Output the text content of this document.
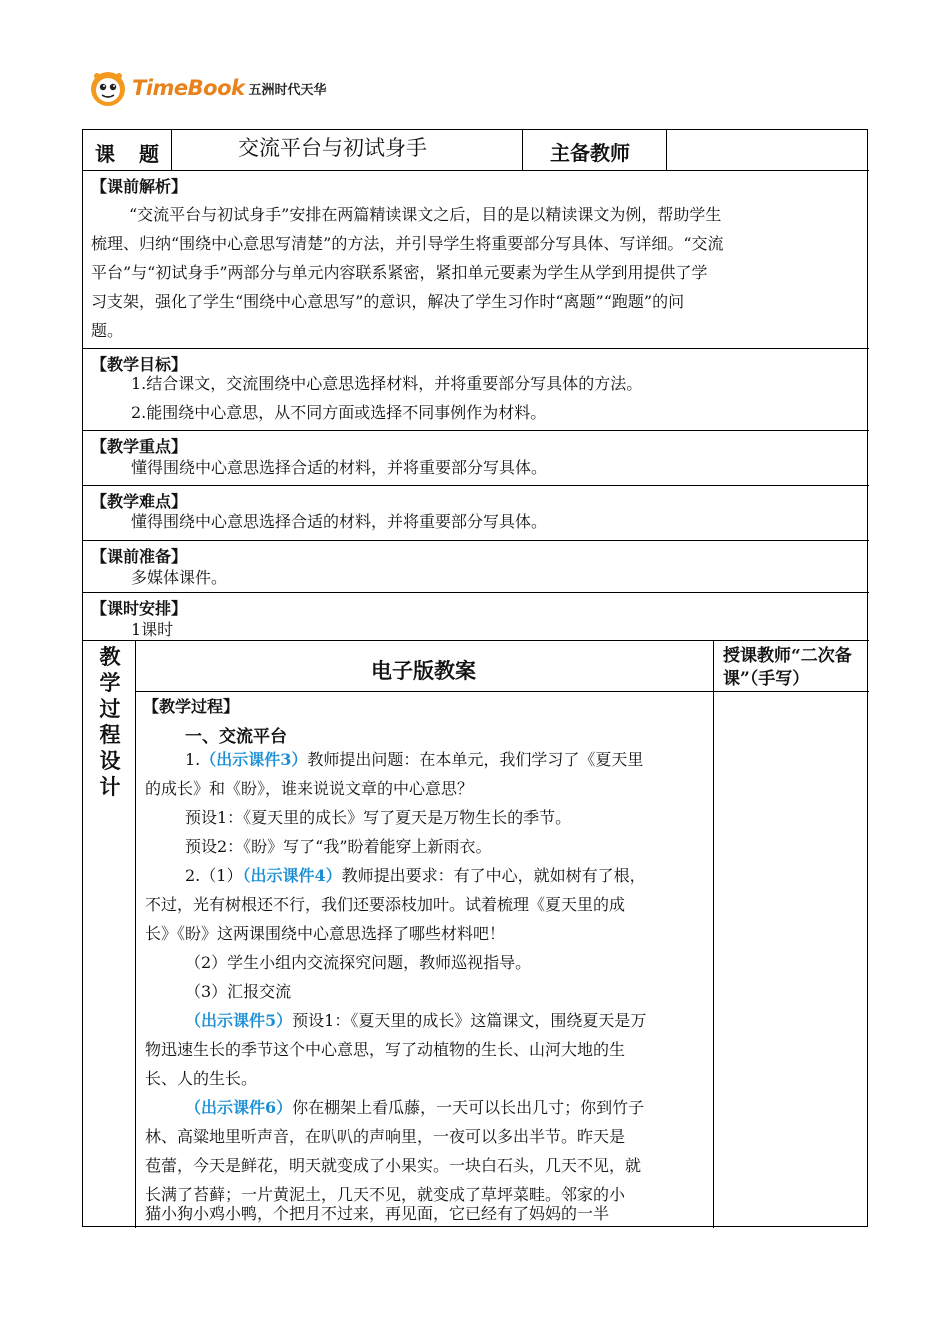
TimeBook 五洲时代天华
课　题	交流平台与初试身手	主备教师
【课前解析】
“交流平台与初试身手”安排在两篇精读课文之后，目的是以精读课文为例，帮助学生
梳理、归纳“围绕中心意思写清楚”的方法，并引导学生将重要部分写具体、写详细。“交流
平台”与“初试身手”两部分与单元内容联系紧密，紧扣单元要素为学生从学到用提供了学
习支架，强化了学生“围绕中心意思写”的意识，解决了学生习作时“离题”“跑题”的问
题。
【教学目标】
1.结合课文，交流围绕中心意思选择材料，并将重要部分写具体的方法。
2.能围绕中心意思，从不同方面或选择不同事例作为材料。
【教学重点】
懂得围绕中心意思选择合适的材料，并将重要部分写具体。
【教学难点】
懂得围绕中心意思选择合适的材料，并将重要部分写具体。
【课前准备】
多媒体课件。
【课时安排】
1课时
教
学
过
程
设
计
电子版教案
授课教师“二次备课”（手写）
【教学过程】
一、交流平台
1.（出示课件3）教师提出问题：在本单元，我们学习了《夏天里
的成长》和《盼》，谁来说说文章的中心意思？
预设1：《夏天里的成长》写了夏天是万物生长的季节。
预设2：《盼》写了“我”盼着能穿上新雨衣。
2.（1）（出示课件4）教师提出要求：有了中心，就如树有了根，
不过，光有树根还不行，我们还要添枝加叶。试着梳理《夏天里的成
长》《盼》这两课围绕中心意思选择了哪些材料吧！
（2）学生小组内交流探究问题，教师巡视指导。
（3）汇报交流
（出示课件5）预设1：《夏天里的成长》这篇课文，围绕夏天是万
物迅速生长的季节这个中心意思，写了动植物的生长、山河大地的生
长、人的生长。
（出示课件6）你在棚架上看瓜藤，一天可以长出几寸；你到竹子
林、高粱地里听声音，在叭叭的声响里，一夜可以多出半节。昨天是
苞蕾，今天是鲜花，明天就变成了小果实。一块白石头，几天不见，就
长满了苔藓；一片黄泥土，几天不见，就变成了草坪菜畦。邻家的小
猫小狗小鸡小鸭，个把月不过来，再见面，它已经有了妈妈的一半
